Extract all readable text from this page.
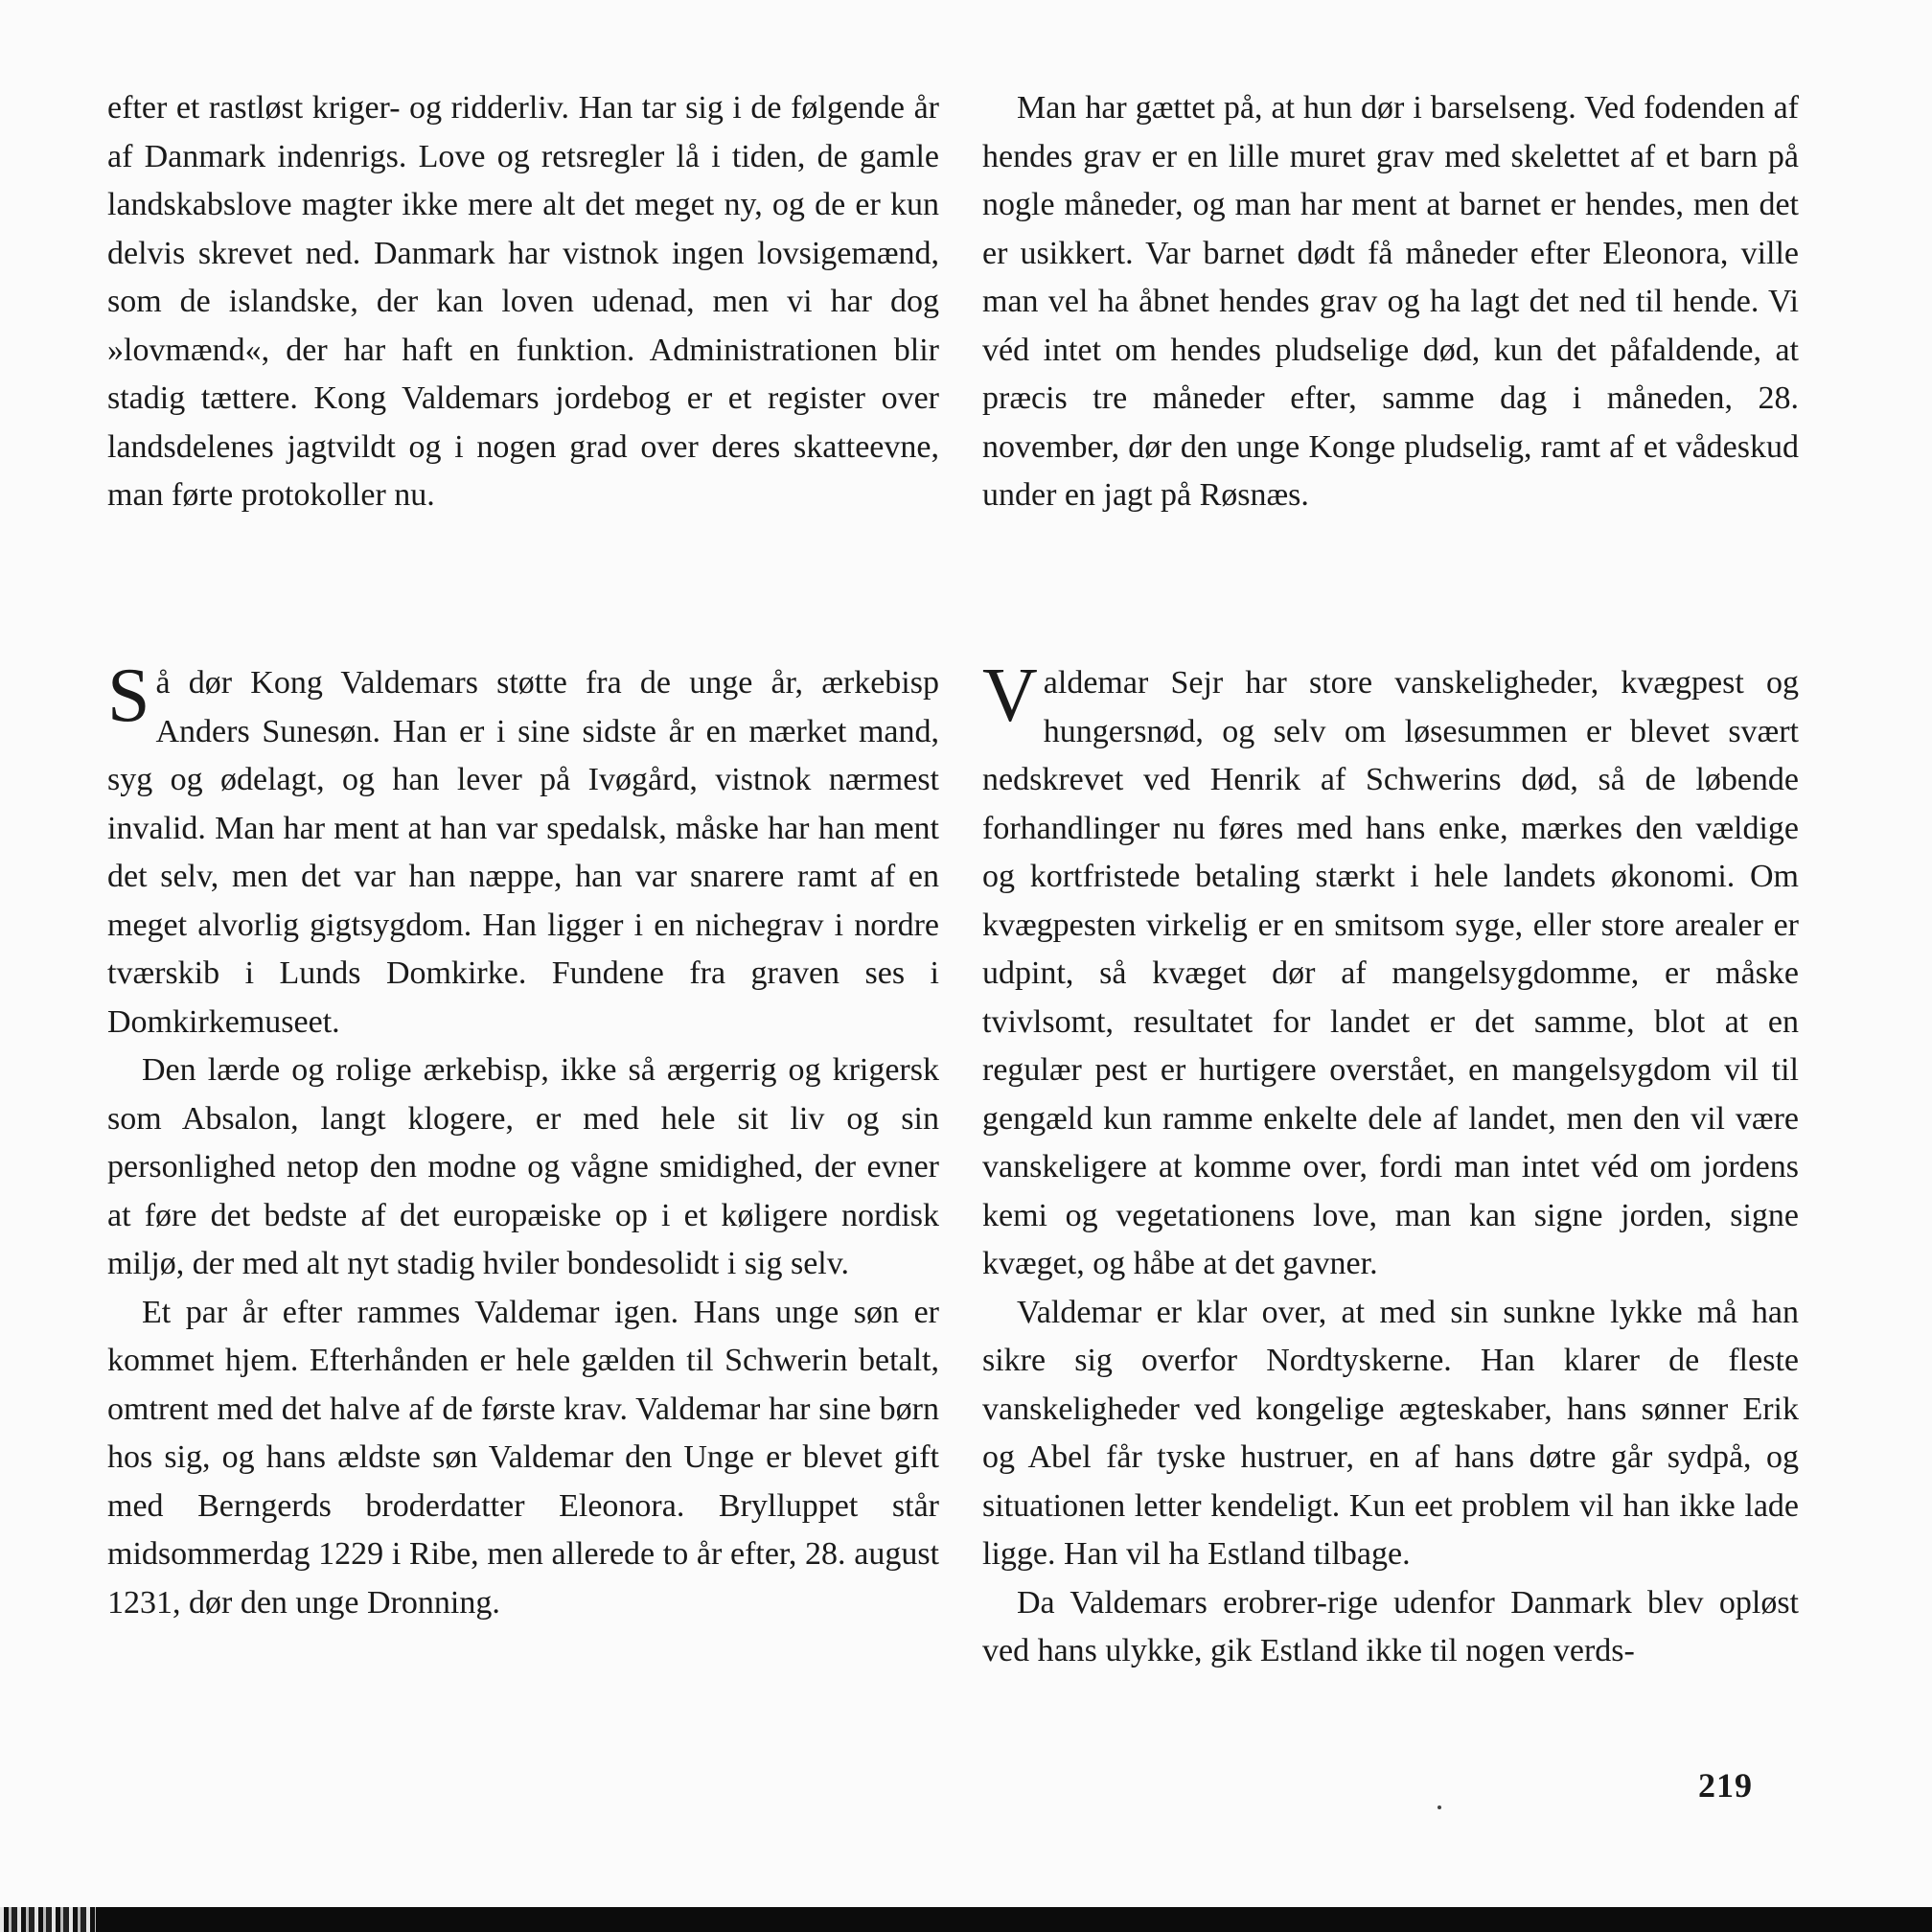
efter et rastløst kriger- og ridderliv. Han tar sig i de følgende år af Danmark indenrigs. Love og retsregler lå i tiden, de gamle landskabslove magter ikke mere alt det meget ny, og de er kun delvis skrevet ned. Danmark har vistnok ingen lovsigemænd, som de islandske, der kan loven udenad, men vi har dog »lovmænd«, der har haft en funktion. Administrationen blir stadig tættere. Kong Valdemars jordebog er et register over landsdelenes jagtvildt og i nogen grad over deres skatteevne, man førte protokoller nu.

Man har gættet på, at hun dør i barselseng. Ved fodenden af hendes grav er en lille muret grav med skelettet af et barn på nogle måneder, og man har ment at barnet er hendes, men det er usikkert. Var barnet dødt få måneder efter Eleonora, ville man vel ha åbnet hendes grav og ha lagt det ned til hende. Vi véd intet om hendes pludselige død, kun det påfaldende, at præcis tre måneder efter, samme dag i måneden, 28. november, dør den unge Konge pludselig, ramt af et vådeskud under en jagt på Røsnæs.

Så dør Kong Valdemars støtte fra de unge år, ærkebisp Anders Sunesøn. Han er i sine sidste år en mærket mand, syg og ødelagt, og han lever på Ivøgård, vistnok nærmest invalid. Man har ment at han var spedalsk, måske har han ment det selv, men det var han næppe, han var snarere ramt af en meget alvorlig gigtsygdom. Han ligger i en nichegrav i nordre tværskib i Lunds Domkirke. Fundene fra graven ses i Domkirkemuseet.

Den lærde og rolige ærkebisp, ikke så ærgerrig og krigersk som Absalon, langt klogere, er med hele sit liv og sin personlighed netop den modne og vågne smidighed, der evner at føre det bedste af det europæiske op i et køligere nordisk miljø, der med alt nyt stadig hviler bondesolidt i sig selv.

Et par år efter rammes Valdemar igen. Hans unge søn er kommet hjem. Efterhånden er hele gælden til Schwerin betalt, omtrent med det halve af de første krav. Valdemar har sine børn hos sig, og hans ældste søn Valdemar den Unge er blevet gift med Berngerds broderdatter Eleonora. Brylluppet står midsommerdag 1229 i Ribe, men allerede to år efter, 28. august 1231, dør den unge Dronning.

Valdemar Sejr har store vanskeligheder, kvægpest og hungersnød, og selv om løsesummen er blevet svært nedskrevet ved Henrik af Schwerins død, så de løbende forhandlinger nu føres med hans enke, mærkes den vældige og kortfristede betaling stærkt i hele landets økonomi. Om kvægpesten virkelig er en smitsom syge, eller store arealer er udpint, så kvæget dør af mangelsygdomme, er måske tvivlsomt, resultatet for landet er det samme, blot at en regulær pest er hurtigere overstået, en mangelsygdom vil til gengæld kun ramme enkelte dele af landet, men den vil være vanskeligere at komme over, fordi man intet véd om jordens kemi og vegetationens love, man kan signe jorden, signe kvæget, og håbe at det gavner.

Valdemar er klar over, at med sin sunkne lykke må han sikre sig overfor Nordtyskerne. Han klarer de fleste vanskeligheder ved kongelige ægteskaber, hans sønner Erik og Abel får tyske hustruer, en af hans døtre går sydpå, og situationen letter kendeligt. Kun eet problem vil han ikke lade ligge. Han vil ha Estland tilbage.

Da Valdemars erobrer-rige udenfor Danmark blev opløst ved hans ulykke, gik Estland ikke til nogen verds-

219
